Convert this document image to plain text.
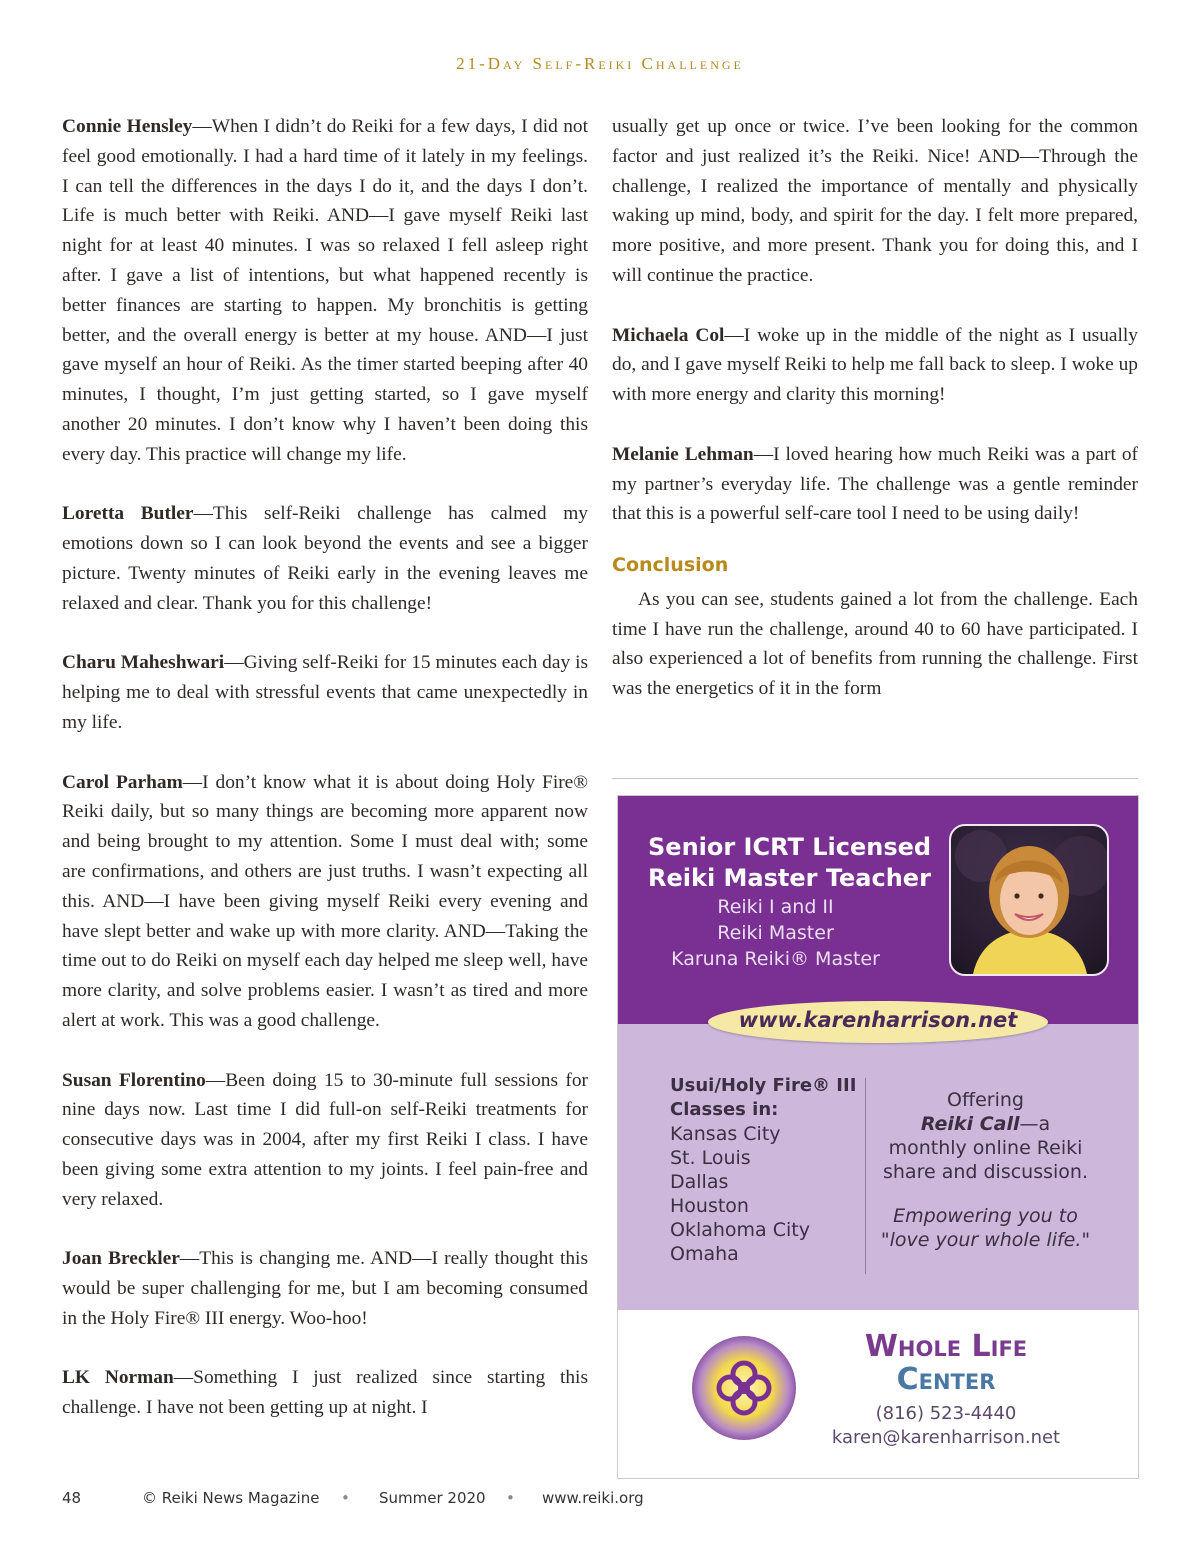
21-Day Self-Reiki Challenge

Connie Hensley—When I didn’t do Reiki for a few days, I did not feel good emotionally. I had a hard time of it lately in my feelings. I can tell the differences in the days I do it, and the days I don’t. Life is much better with Reiki. AND—I gave myself Reiki last night for at least 40 minutes. I was so relaxed I fell asleep right after. I gave a list of intentions, but what happened recently is better finances are starting to happen. My bronchitis is getting better, and the overall energy is better at my house. AND—I just gave myself an hour of Reiki. As the timer started beeping after 40 minutes, I thought, I’m just getting started, so I gave myself another 20 minutes. I don’t know why I haven’t been doing this every day. This practice will change my life.

Loretta Butler—This self-Reiki challenge has calmed my emotions down so I can look beyond the events and see a bigger picture. Twenty minutes of Reiki early in the evening leaves me relaxed and clear. Thank you for this challenge!

Charu Maheshwari—Giving self-Reiki for 15 minutes each day is helping me to deal with stressful events that came unexpectedly in my life.

Carol Parham—I don’t know what it is about doing Holy Fire® Reiki daily, but so many things are becoming more apparent now and being brought to my attention. Some I must deal with; some are confirmations, and others are just truths. I wasn’t expecting all this. AND—I have been giving myself Reiki every evening and have slept better and wake up with more clarity. AND—Taking the time out to do Reiki on myself each day helped me sleep well, have more clarity, and solve problems easier. I wasn’t as tired and more alert at work. This was a good challenge.

Susan Florentino—Been doing 15 to 30-minute full sessions for nine days now. Last time I did full-on self-Reiki treatments for consecutive days was in 2004, after my first Reiki I class. I have been giving some extra attention to my joints. I feel pain-free and very relaxed.

Joan Breckler—This is changing me. AND—I really thought this would be super challenging for me, but I am becoming consumed in the Holy Fire® III energy. Woo-hoo!

LK Norman—Something I just realized since starting this challenge. I have not been getting up at night. I

usually get up once or twice. I’ve been looking for the common factor and just realized it’s the Reiki. Nice! AND—Through the challenge, I realized the importance of mentally and physically waking up mind, body, and spirit for the day. I felt more prepared, more positive, and more present. Thank you for doing this, and I will continue the practice.

Michaela Col—I woke up in the middle of the night as I usually do, and I gave myself Reiki to help me fall back to sleep. I woke up with more energy and clarity this morning!

Melanie Lehman—I loved hearing how much Reiki was a part of my partner’s everyday life. The challenge was a gentle reminder that this is a powerful self-care tool I need to be using daily!

Conclusion

As you can see, students gained a lot from the challenge. Each time I have run the challenge, around 40 to 60 have participated. I also experienced a lot of benefits from running the challenge. First was the energetics of it in the form

Senior ICRT Licensed
Reiki Master Teacher
Reiki I and II
Reiki Master
Karuna Reiki® Master
www.karenharrison.net
Usui/Holy Fire® III
Classes in:
Kansas City
St. Louis
Dallas
Houston
Oklahoma City
Omaha
Offering
Reiki Call—a
monthly online Reiki
share and discussion.
Empowering you to
"love your whole life."
Whole Life
Center
(816) 523-4440
karen@karenharrison.net
48	© Reiki News Magazine • Summer 2020 • www.reiki.org
